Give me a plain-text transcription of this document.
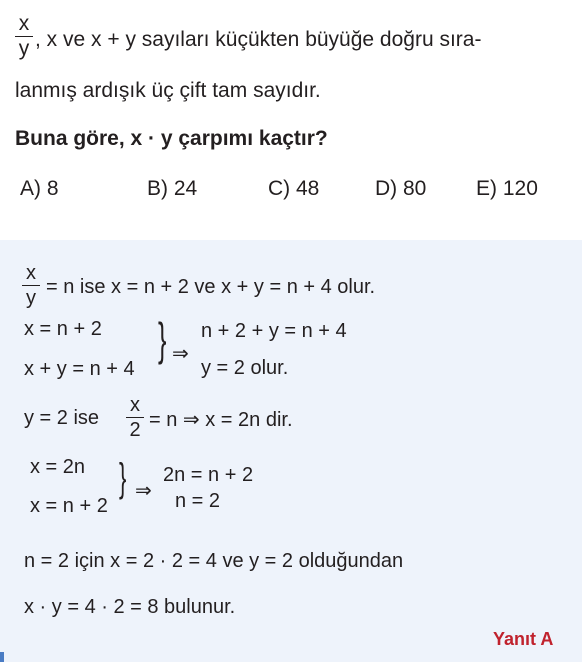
x
y , x ve x + y sayıları küçükten büyüğe doğru sıra-
lanmış ardışık üç çift tam sayıdır.
Buna göre, x · y çarpımı kaçtır?
A) 8	B) 24	C) 48	D) 80 E) 120
x
y = n ise x = n + 2 ve x + y = n + 4 olur.
x = n + 2
x + y = n + 4
} ⇒
n + 2 + y = n + 4
y = 2 olur.
y = 2 ise
x
2 = n ⇒ x = 2n dir.
x = 2n
x = n + 2
} ⇒
2n = n + 2
n = 2
n = 2 için x = 2 · 2 = 4 ve y = 2 olduğundan
x · y = 4 · 2 = 8 bulunur.
Yanıt A
